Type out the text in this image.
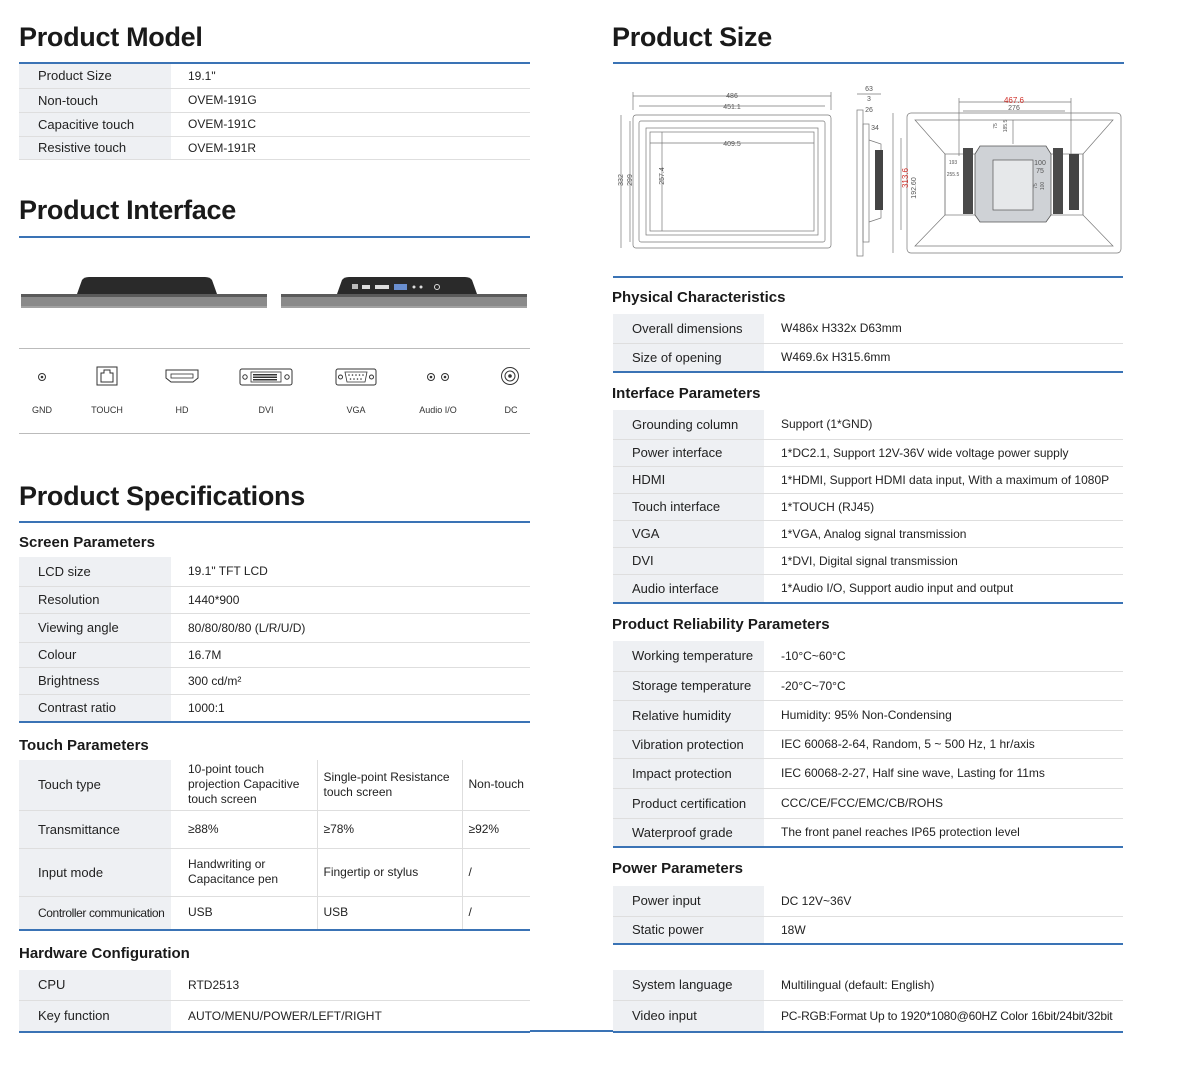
Product Model
Product Size	19.1"
Non-touch	OVEM-191G
Capacitive touch	OVEM-191C
Resistive touch	OVEM-191R
Product Interface
GND	TOUCH	HD	DVI	VGA	Audio I/O	DC
Product Specifications
Screen Parameters
LCD size	19.1" TFT LCD
Resolution	1440*900
Viewing angle	80/80/80/80 (L/R/U/D)
Colour	16.7M
Brightness	300 cd/m²
Contrast ratio	1000:1
Touch Parameters
Touch type	10-point touch projection Capacitive touch screen	Single-point Resistance touch screen	Non-touch
Transmittance	≥88%	≥78%	≥92%
Input mode	Handwriting or Capacitance pen	Fingertip or stylus	/
Controller communication	USB	USB	/
Hardware Configuration
CPU	RTD2513
Key function	AUTO/MENU/POWER/LEFT/RIGHT
System language	Multilingual (default: English)
Video input	PC-RGB:Format Up to 1920*1080@60HZ Color 16bit/24bit/32bit
Product Size
486
451.1
409.5
63
3
26
34
276
100
75
193
255.5
467.6
332 299	257.4
192.60
75 185.5
75 100
313.6
Physical Characteristics
Overall dimensions	W486x H332x D63mm
Size of opening	W469.6x H315.6mm
Interface Parameters
Grounding column	Support (1*GND)
Power interface	1*DC2.1, Support 12V-36V wide voltage power supply
HDMI	1*HDMI, Support HDMI data input, With a maximum of 1080P
Touch interface	1*TOUCH (RJ45)
VGA	1*VGA, Analog signal transmission
DVI	1*DVI, Digital signal transmission
Audio interface	1*Audio I/O, Support audio input and output
Product Reliability Parameters
Working temperature	-10°C~60°C
Storage temperature	-20°C~70°C
Relative humidity	Humidity: 95% Non-Condensing
Vibration protection	IEC 60068-2-64, Random, 5 ~ 500 Hz, 1 hr/axis
Impact protection	IEC 60068-2-27, Half sine wave, Lasting for 11ms
Product certification	CCC/CE/FCC/EMC/CB/ROHS
Waterproof grade	The front panel reaches IP65 protection level
Power Parameters
Power input	DC 12V~36V
Static power	18W
